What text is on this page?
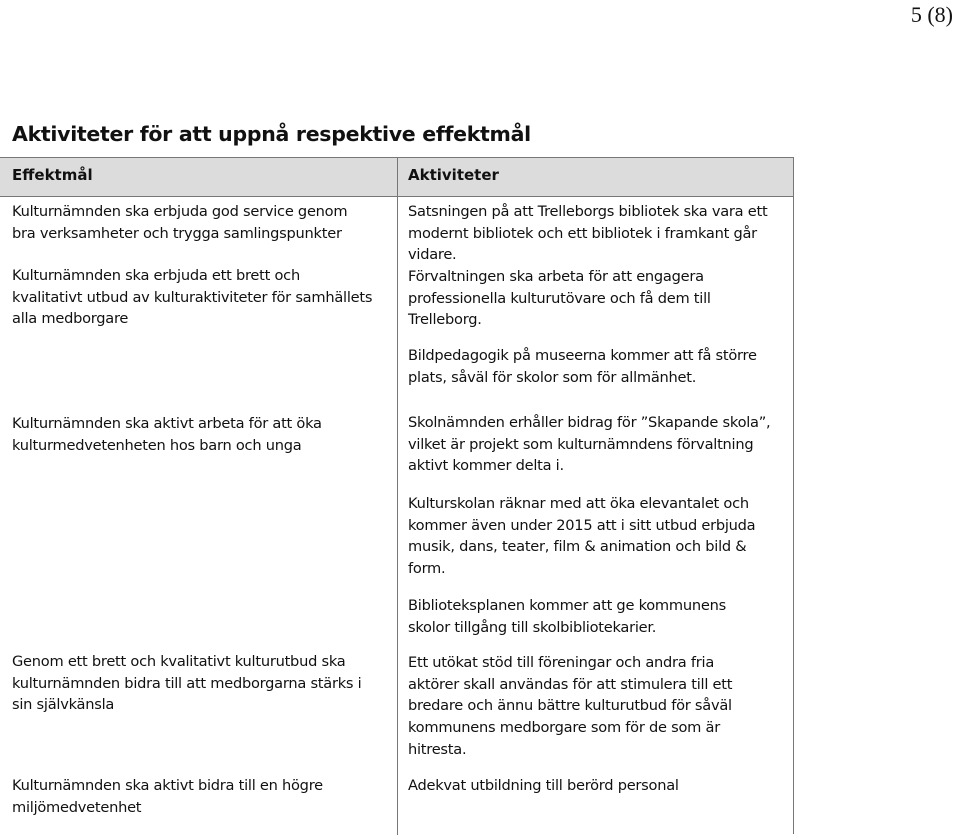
5 (8)
Aktiviteter för att uppnå respektive effektmål
Effektmål	Aktiviteter
Kulturnämnden ska erbjuda god service genom
bra verksamheter och trygga samlingspunkter
Kulturnämnden ska erbjuda ett brett och
kvalitativt utbud av kulturaktiviteter för samhällets
alla medborgare
Kulturnämnden ska aktivt arbeta för att öka
kulturmedvetenheten hos barn och unga
Genom ett brett och kvalitativt kulturutbud ska
kulturnämnden bidra till att medborgarna stärks i
sin självkänsla
Kulturnämnden ska aktivt bidra till en högre
miljömedvetenhet
Satsningen på att Trelleborgs bibliotek ska vara ett
modernt bibliotek och ett bibliotek i framkant går
vidare.
Förvaltningen ska arbeta för att engagera
professionella kulturutövare och få dem till
Trelleborg.
Bildpedagogik på museerna kommer att få större
plats, såväl för skolor som för allmänhet.
Skolnämnden erhåller bidrag för ”Skapande skola”,
vilket är projekt som kulturnämndens förvaltning
aktivt kommer delta i.
Kulturskolan räknar med att öka elevantalet och
kommer även under 2015 att i sitt utbud erbjuda
musik, dans, teater, film & animation och bild &
form.
Biblioteksplanen kommer att ge kommunens
skolor tillgång till skolbibliotekarier.
Ett utökat stöd till föreningar och andra fria
aktörer skall användas för att stimulera till ett
bredare och ännu bättre kulturutbud för såväl
kommunens medborgare som för de som är
hitresta.
Adekvat utbildning till berörd personal
